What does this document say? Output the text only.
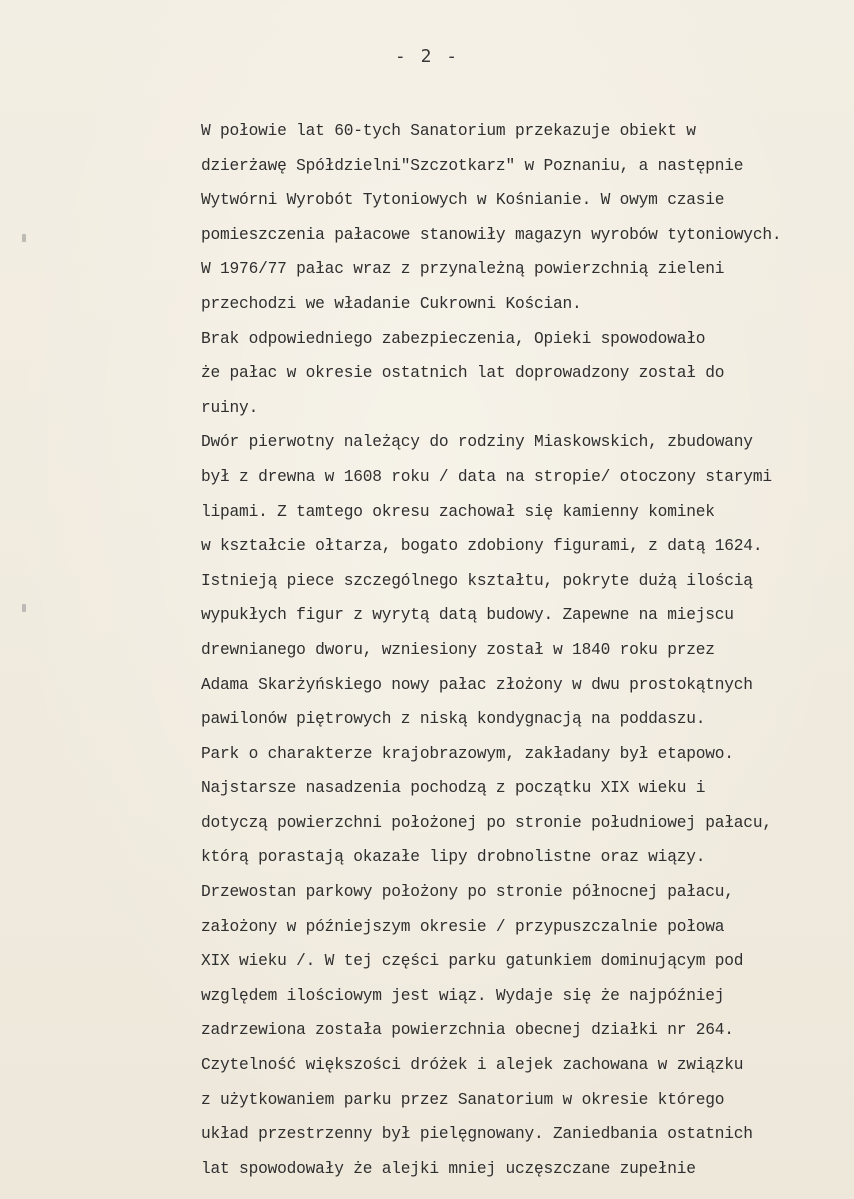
- 2 -
W połowie lat 60-tych Sanatorium przekazuje obiekt w
dzierżawę Spółdzielni"Szczotkarz" w Poznaniu, a następnie
Wytwórni Wyrobót Tytoniowych w Kośnianie. W owym czasie
pomieszczenia pałacowe stanowiły magazyn wyrobów tytoniowych.
W 1976/77 pałac wraz z przynależną powierzchnią zieleni
przechodzi we władanie Cukrowni Kościan.
Brak odpowiedniego zabezpieczenia, Opieki spowodowało
że pałac w okresie ostatnich lat doprowadzony został do
ruiny.
Dwór pierwotny należący do rodziny Miaskowskich, zbudowany
był z drewna w 1608 roku / data na stropie/ otoczony starymi
lipami. Z tamtego okresu zachował się kamienny kominek
w kształcie ołtarza, bogato zdobiony figurami, z datą 1624.
Istnieją piece szczególnego kształtu, pokryte dużą ilością
wypukłych figur z wyrytą datą budowy. Zapewne na miejscu
drewnianego dworu, wzniesiony został w 1840 roku przez
Adama Skarżyńskiego nowy pałac złożony w dwu prostokątnych
pawilonów piętrowych z niską kondygnacją na poddaszu.
Park o charakterze krajobrazowym, zakładany był etapowo.
Najstarsze nasadzenia pochodzą z początku XIX wieku i
dotyczą powierzchni położonej po stronie południowej pałacu,
którą porastają okazałe lipy drobnolistne oraz wiązy.
Drzewostan parkowy położony po stronie północnej pałacu,
założony w późniejszym okresie / przypuszczalnie połowa
XIX wieku /. W tej części parku gatunkiem dominującym pod
względem ilościowym jest wiąz. Wydaje się że najpóźniej
zadrzewiona została powierzchnia obecnej działki nr 264.
Czytelność większości dróżek i alejek zachowana w związku
z użytkowaniem parku przez Sanatorium w okresie którego
układ przestrzenny był pielęgnowany. Zaniedbania ostatnich
lat spowodowały że alejki mniej uczęszczane zupełnie
